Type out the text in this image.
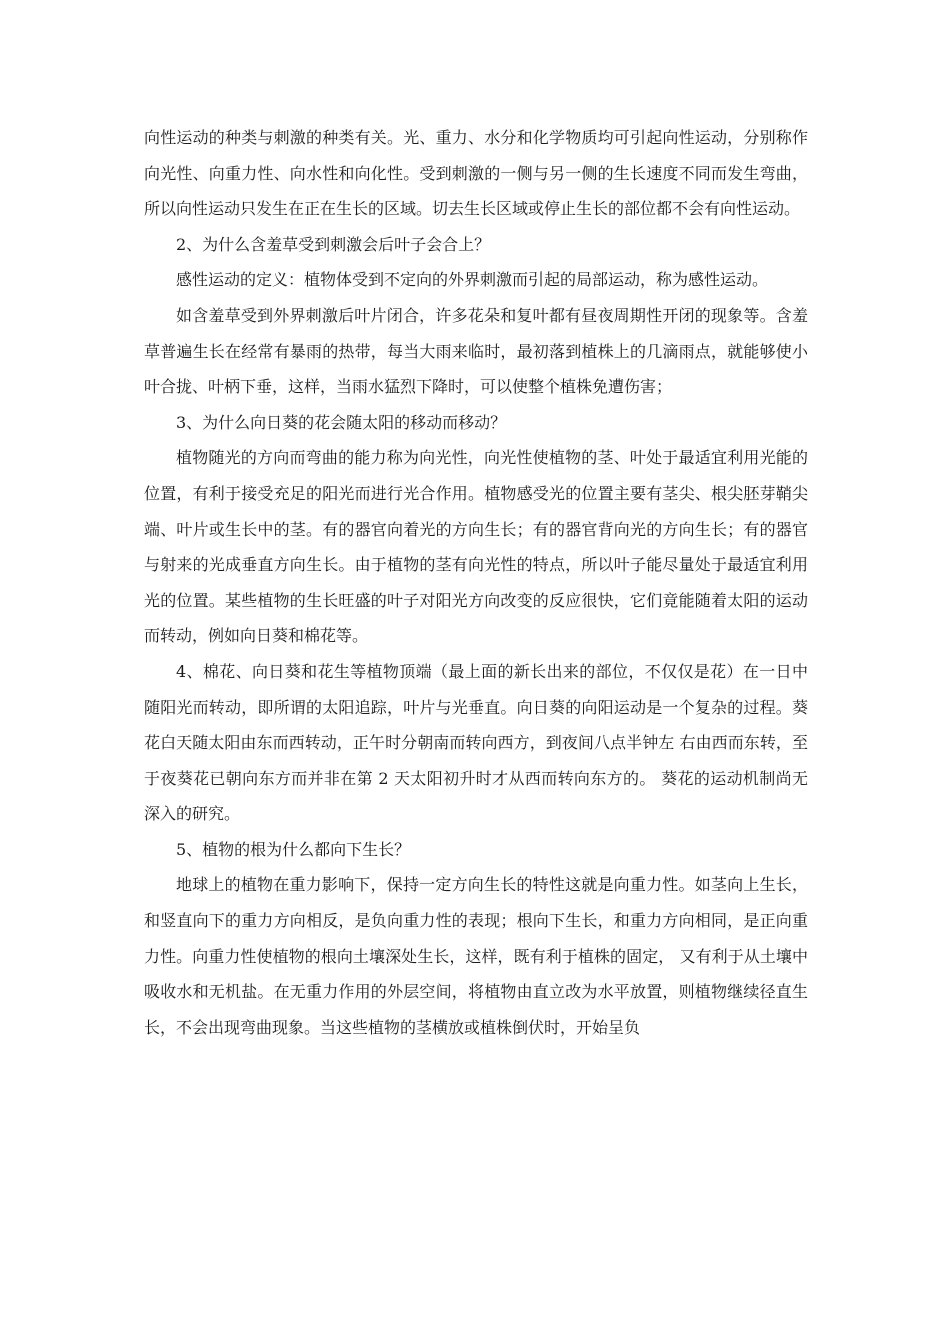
向性运动的种类与刺激的种类有关。光、重力、水分和化学物质均可引起向性运动，分别称作向光性、向重力性、向水性和向化性。受到刺激的一侧与另一侧的生长速度不同而发生弯曲，所以向性运动只发生在正在生长的区域。切去生长区域或停止生长的部位都不会有向性运动。

2、为什么含羞草受到刺激会后叶子会合上？

感性运动的定义：植物体受到不定向的外界刺激而引起的局部运动，称为感性运动。

如含羞草受到外界刺激后叶片闭合，许多花朵和复叶都有昼夜周期性开闭的现象等。含羞草普遍生长在经常有暴雨的热带，每当大雨来临时，最初落到植株上的几滴雨点，就能够使小叶合拢、叶柄下垂，这样，当雨水猛烈下降时，可以使整个植株免遭伤害；

3、为什么向日葵的花会随太阳的移动而移动？

植物随光的方向而弯曲的能力称为向光性，向光性使植物的茎、叶处于最适宜利用光能的位置，有利于接受充足的阳光而进行光合作用。植物感受光的位置主要有茎尖、根尖胚芽鞘尖端、叶片或生长中的茎。有的器官向着光的方向生长；有的器官背向光的方向生长；有的器官与射来的光成垂直方向生长。由于植物的茎有向光性的特点，所以叶子能尽量处于最适宜利用光的位置。某些植物的生长旺盛的叶子对阳光方向改变的反应很快，它们竟能随着太阳的运动而转动，例如向日葵和棉花等。

4、棉花、向日葵和花生等植物顶端（最上面的新长出来的部位，不仅仅是花）在一日中随阳光而转动，即所谓的太阳追踪，叶片与光垂直。向日葵的向阳运动是一个复杂的过程。葵花白天随太阳由东而西转动，正午时分朝南而转向西方，到夜间八点半钟左 右由西而东转，至于夜葵花已朝向东方而并非在第 2 天太阳初升时才从西而转向东方的。 葵花的运动机制尚无深入的研究。

5、植物的根为什么都向下生长？

地球上的植物在重力影响下，保持一定方向生长的特性这就是向重力性。如茎向上生长，和竖直向下的重力方向相反，是负向重力性的表现；根向下生长，和重力方向相同，是正向重力性。向重力性使植物的根向土壤深处生长，这样，既有利于植株的固定， 又有利于从土壤中吸收水和无机盐。在无重力作用的外层空间，将植物由直立改为水平放置，则植物继续径直生长，不会出现弯曲现象。当这些植物的茎横放或植株倒伏时，开始呈负
